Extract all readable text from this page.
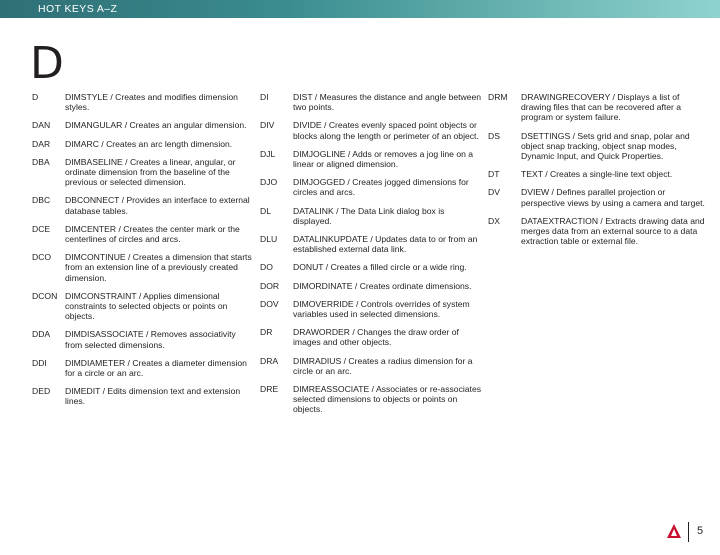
HOT KEYS A–Z
D
D	DIMSTYLE / Creates and modifies dimension styles.
DAN	DIMANGULAR / Creates an angular dimension.
DAR	DIMARC / Creates an arc length dimension.
DBA	DIMBASELINE / Creates a linear, angular, or ordinate dimension from the baseline of the previous or selected dimension.
DBC	DBCONNECT / Provides an interface to external database tables.
DCE	DIMCENTER / Creates the center mark or the centerlines of circles and arcs.
DCO	DIMCONTINUE / Creates a dimension that starts from an extension line of a previously created dimension.
DCON DIMCONSTRAINT / Applies dimensional constraints to selected objects or points on objects.
DDA	DIMDISASSOCIATE / Removes associativity from selected dimensions.
DDI	DIMDIAMETER / Creates a diameter dimension for a circle or an arc.
DED	DIMEDIT / Edits dimension text and extension lines.
DI	DIST / Measures the distance and angle between two points.
DIV	DIVIDE / Creates evenly spaced point objects or blocks along the length or perimeter of an object.
DJL	DIMJOGLINE / Adds or removes a jog line on a linear or aligned dimension.
DJO	DIMJOGGED / Creates jogged dimensions for circles and arcs.
DL	DATALINK / The Data Link dialog box is displayed.
DLU	DATALINKUPDATE / Updates data to or from an established external data link.
DO	DONUT / Creates a filled circle or a wide ring.
DOR	DIMORDINATE / Creates ordinate dimensions.
DOV	DIMOVERRIDE / Controls overrides of system variables used in selected dimensions.
DR	DRAWORDER / Changes the draw order of images and other objects.
DRA	DIMRADIUS / Creates a radius dimension for a circle or an arc.
DRE	DIMREASSOCIATE / Associates or re-associates selected dimensions to objects or points on objects.
DRM	DRAWINGRECOVERY / Displays a list of drawing files that can be recovered after a program or system failure.
DS	DSETTINGS / Sets grid and snap, polar and object snap tracking, object snap modes, Dynamic Input, and Quick Properties.
DT	TEXT / Creates a single-line text object.
DV	DVIEW / Defines parallel projection or perspective views by using a camera and target.
DX	DATAEXTRACTION / Extracts drawing data and merges data from an external source to a data extraction table or external file.
5
